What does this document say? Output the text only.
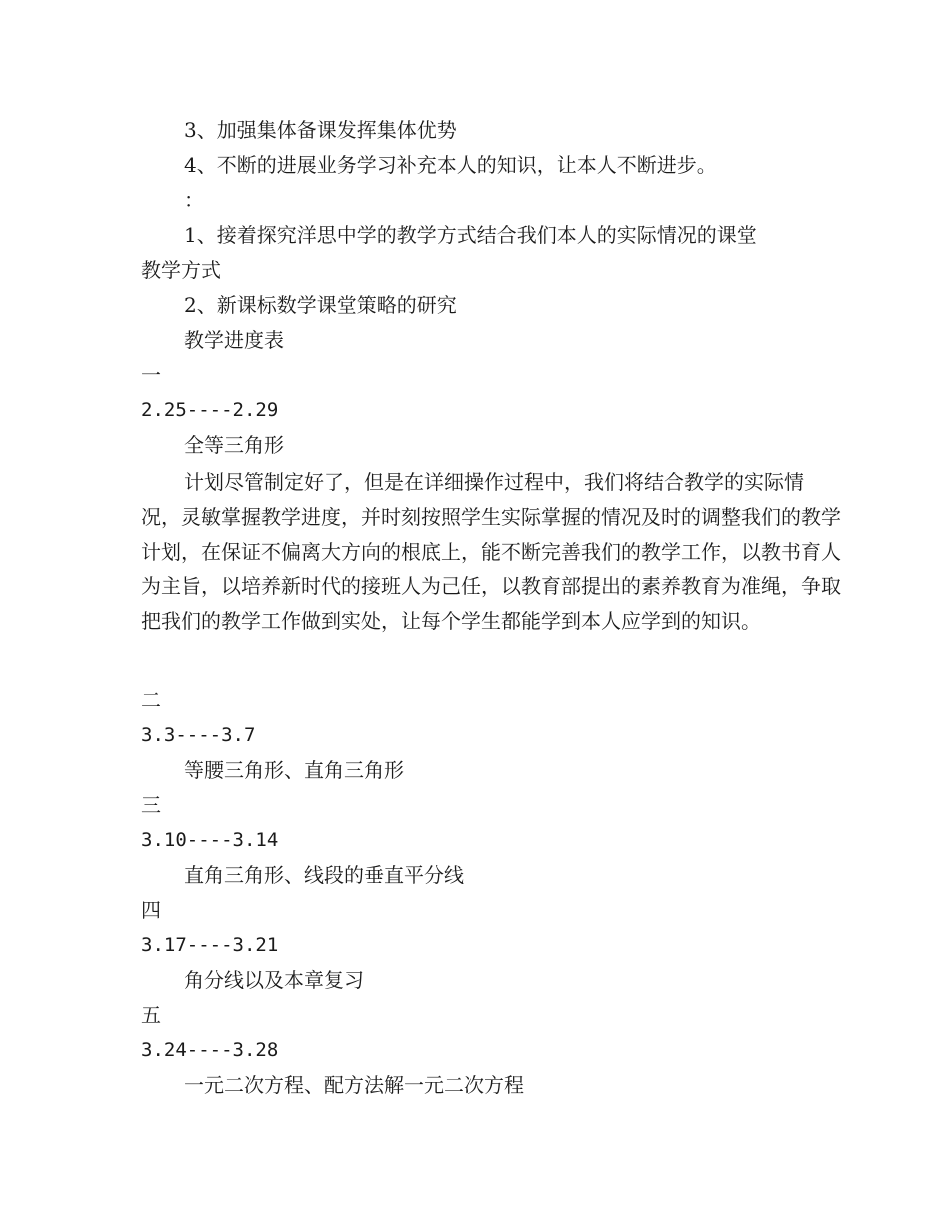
3、加强集体备课发挥集体优势
4、不断的进展业务学习补充本人的知识，让本人不断进步。
：
1、接着探究洋思中学的教学方式结合我们本人的实际情况的课堂
教学方式
2、新课标数学课堂策略的研究
教学进度表
一
2.25----2.29
全等三角形
计划尽管制定好了，但是在详细操作过程中，我们将结合教学的实际情况，灵敏掌握教学进度，并时刻按照学生实际掌握的情况及时的调整我们的教学计划，在保证不偏离大方向的根底上，能不断完善我们的教学工作，以教书育人为主旨，以培养新时代的接班人为己任，以教育部提出的素养教育为准绳，争取把我们的教学工作做到实处，让每个学生都能学到本人应学到的知识。
二
3.3----3.7
等腰三角形、直角三角形
三
3.10----3.14
直角三角形、线段的垂直平分线
四
3.17----3.21
角分线以及本章复习
五
3.24----3.28
一元二次方程、配方法解一元二次方程
